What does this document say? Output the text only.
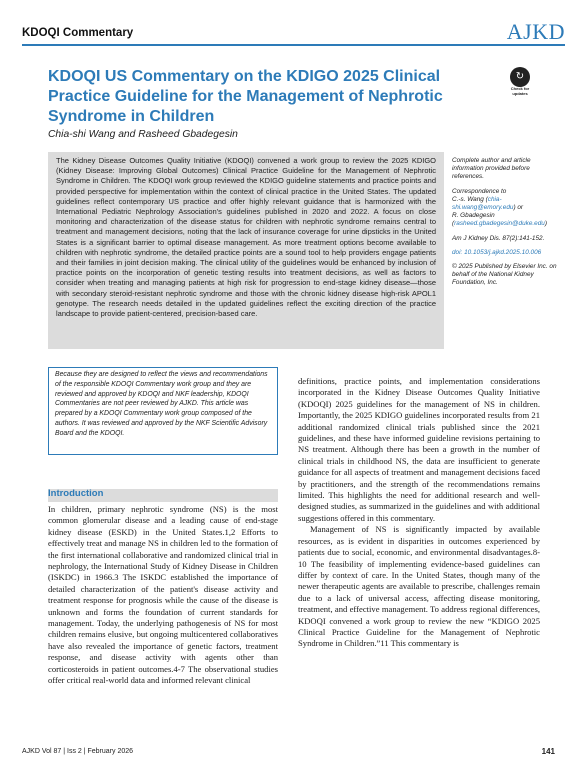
KDOQI Commentary	AJKD
KDOQI US Commentary on the KDIGO 2025 Clinical Practice Guideline for the Management of Nephrotic Syndrome in Children
↻
Check for updates
Chia-shi Wang and Rasheed Gbadegesin

The Kidney Disease Outcomes Quality Initiative (KDOQI) convened a work group to review the 2025 KDIGO (Kidney Disease: Improving Global Outcomes) Clinical Practice Guideline for the Management of Nephrotic Syndrome in Children. The KDOQI work group reviewed the KDIGO guideline statements and practice points and provided perspective for implementation within the context of clinical practice in the United States. The updated guidelines reflect contemporary US practice and offer highly relevant guidance that is harmonized with the International Pediatric Nephrology Association's guidelines published in 2020 and 2022. A focus on close monitoring and characterization of the disease status for children with nephrotic syndrome remains central to treatment and management decisions, noting that the lack of insurance coverage for urine dipsticks in the United States is a significant barrier to optimal disease management. As more treatment options become available to children with nephrotic syndrome, the detailed practice points are a sound tool to help providers engage patients and their families in joint decision making. The clinical utility of the guidelines would be enhanced by inclusion of practice points on the incorporation of genetic testing results into treatment decisions, as well as factors to consider when treating and managing patients at high risk for progression to end-stage kidney disease—those with secondary steroid-resistant nephrotic syndrome and those with the chronic kidney disease high-risk APOL1 genotype. The research needs detailed in the updated guidelines reflect the exciting direction of the practice landscape to provide patient-centered, precision-based care.

Complete author and article information provided before references.

Correspondence to
C.-s. Wang (chia-shi.wang@emory.edu) or
R. Gbadegesin (rasheed.gbadegesin@duke.edu)

Am J Kidney Dis. 87(2):141-152.

doi: 10.1053/j.ajkd.2025.10.006

© 2025 Published by Elsevier Inc. on behalf of the National Kidney Foundation, Inc.

Because they are designed to reflect the views and recommendations of the responsible KDOQI Commentary work group and they are reviewed and approved by KDOQI and NKF leadership, KDOQI Commentaries are not peer reviewed by AJKD. This article was prepared by a KDOQI Commentary work group composed of the authors. It was reviewed and approved by the NKF Scientific Advisory Board and the KDOQI.

Introduction

In children, primary nephrotic syndrome (NS) is the most common glomerular disease and a leading cause of end-stage kidney disease (ESKD) in the United States.1,2 Efforts to effectively treat and manage NS in children led to the formation of the first international collaborative and randomized clinical trial in nephrology, the International Study of Kidney Disease in Children (ISKDC) in 1966.3 The ISKDC established the importance of detailed characterization of the patient's disease activity and treatment response for prognosis while the cause of the disease is unknown and forms the foundation of current standards for management. Today, the underlying pathogenesis of NS for most children remains elusive, but ongoing multicentered collaboratives have also revealed the importance of genetic factors, treatment response, and disease activity with agents other than corticosteroids in patient outcomes.4-7 The observational studies offer critical real-world data and informed relevant clinical

definitions, practice points, and implementation considerations incorporated in the Kidney Disease Outcomes Quality Initiative (KDOQI) 2025 guidelines for the management of NS in children. Importantly, the 2025 KDIGO guidelines incorporated results from 21 additional randomized clinical trials published since the 2021 guidelines, and these have informed guideline revisions pertaining to NS treatment. Although there has been a growth in the number of clinical trials in childhood NS, the data are insufficient to generate guidance for all aspects of treatment and management decisions faced by practitioners, and the strength of the recommendations remains limited. This highlights the need for additional research and well-designed studies, as summarized in the guidelines and with additional suggestions offered in this commentary.

Management of NS is significantly impacted by available resources, as is evident in disparities in outcomes experienced by patients due to social, economic, and environmental disadvantages.8-10 The feasibility of implementing evidence-based guidelines can differ by context of care. In the United States, though many of the newer therapeutic agents are available to prescribe, challenges remain due to a lack of universal access, affecting disease monitoring, treatment, and effective management. To address regional differences, KDOQI convened a work group to review the new “KDIGO 2025 Clinical Practice Guideline for the Management of Nephrotic Syndrome in Children.”11 This commentary is

AJKD Vol 87 | Iss 2 | February 2026	141
